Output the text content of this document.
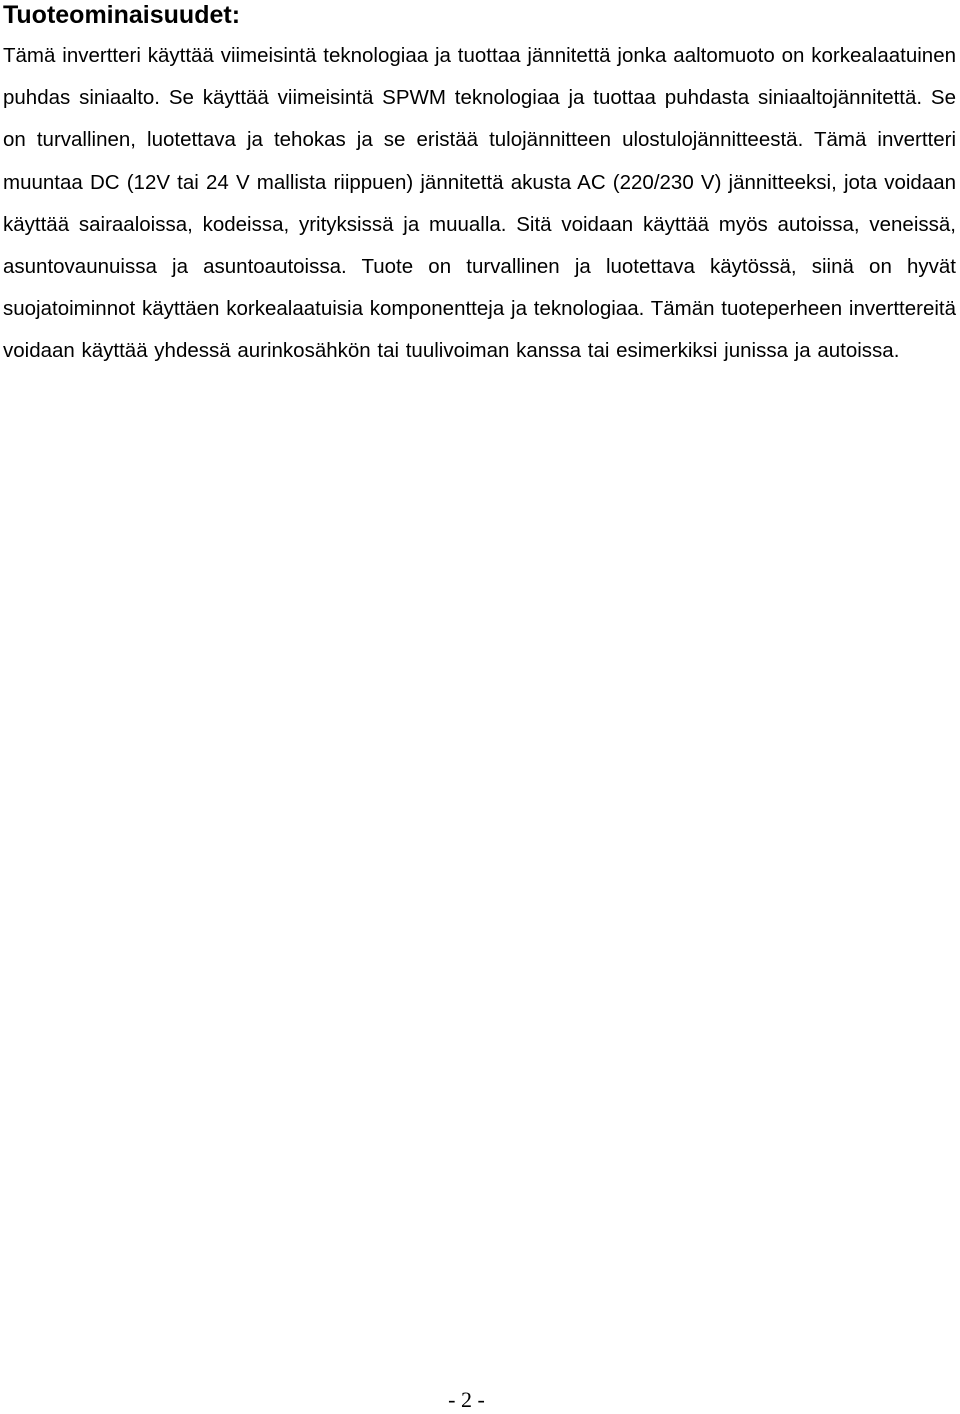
Tuoteominaisuudet:

Tämä invertteri käyttää viimeisintä teknologiaa ja tuottaa jännitettä jonka aaltomuoto on korkealaatuinen puhdas siniaalto. Se käyttää viimeisintä SPWM teknologiaa ja tuottaa puhdasta siniaaltojännitettä. Se on turvallinen, luotettava ja tehokas ja se eristää tulojännitteen ulostulojännitteestä. Tämä invertteri muuntaa DC (12V tai 24 V mallista riippuen) jännitettä akusta AC (220/230 V) jännitteeksi, jota voidaan käyttää sairaaloissa, kodeissa, yrityksissä ja muualla. Sitä voidaan käyttää myös autoissa, veneissä, asuntovaunuissa ja asuntoautoissa. Tuote on turvallinen ja luotettava käytössä, siinä on hyvät suojatoiminnot käyttäen korkealaatuisia komponentteja ja teknologiaa. Tämän tuoteperheen inverttereitä voidaan käyttää yhdessä aurinkosähkön tai tuulivoiman kanssa tai esimerkiksi junissa ja autoissa.

- 2 -
